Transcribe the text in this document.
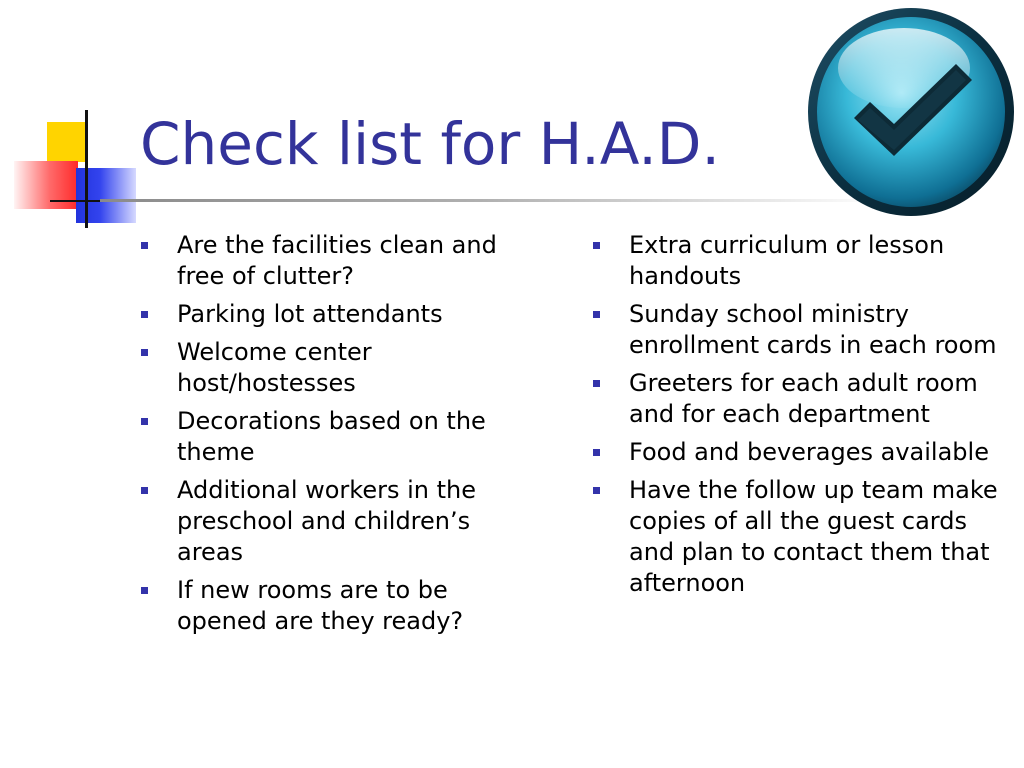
Check list for H.A.D.
Are the facilities clean and free of clutter?
Parking lot attendants
Welcome center host/hostesses
Decorations based on the theme
Additional workers in the preschool and children’s areas
If new rooms are to be opened are they ready?
Extra curriculum or lesson handouts
Sunday school ministry enrollment cards in each room
Greeters for each adult room and for each department
Food and beverages available
Have the follow up team make copies of all the guest cards and plan to contact them that afternoon
